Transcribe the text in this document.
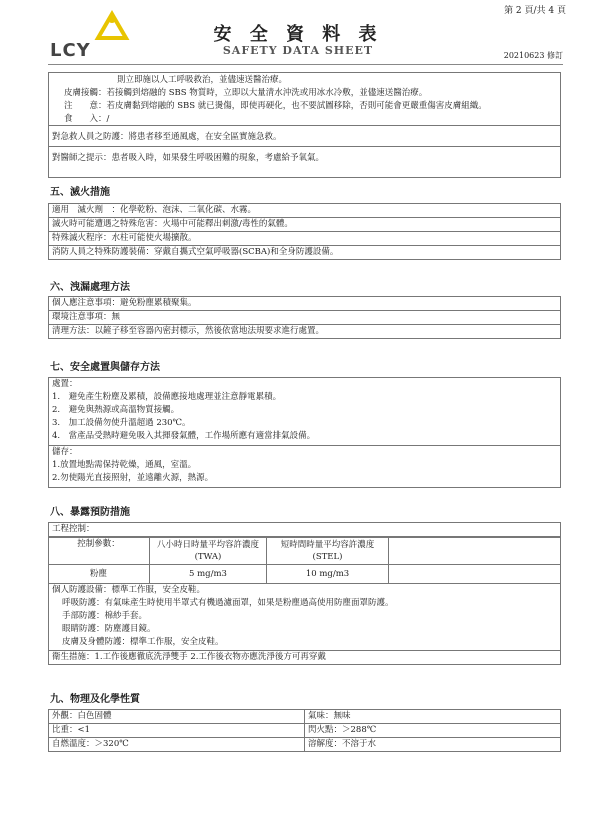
第 2 頁/共 4 頁
LCY
安 全 資 料 表
SAFETY DATA SHEET	20210623 修訂
則立即施以人工呼吸救治，並儘速送醫治療。
皮膚接觸：若接觸到熔融的 SBS 物質時，立即以大量清水沖洗或用冰水冷敷，並儘速送醫治療。
注　　意：若皮膚黏到熔融的 SBS 就已燙傷，即使再硬化，也不要試圖移除，否則可能會更嚴重傷害皮膚組織。
食　　入：/
對急救人員之防護：將患者移至通風處，在安全區實施急救。
對醫師之提示：患者吸入時，如果發生呼吸困難的現象，考慮給予氧氣。
五、滅火措施
適用　滅火劑　：化學乾粉、泡沫、二氧化碳、水霧。
滅火時可能遭遇之特殊危害：火場中可能釋出刺激/毒性的氣體。
特殊滅火程序：水柱可能使火場擴散。
消防人員之特殊防護裝備：穿戴自攜式空氣呼吸器(SCBA)和全身防護設備。
六、洩漏處理方法
個人應注意事項：避免粉塵累積聚集。
環境注意事項：無
清理方法：以鏟子移至容器內密封標示，然後依當地法規要求進行處置。
七、安全處置與儲存方法
處置：
1.　避免產生粉塵及累積，設備應接地處理並注意靜電累積。
2.　避免與熱源或高溫物質接觸。
3.　加工設備勿使升溫超過 230℃。
4.　當產品受熱時避免吸入其揮發氣體，工作場所應有適當排氣設備。
儲存：
1.放置地點需保持乾燥，通風，室溫。
2.勿使陽光直接照射，並遠離火源，熱源。
八、暴露預防措施
工程控制：
控制參數：	八小時日時量平均容許濃度(TWA)	短時間時量平均容許濃度(STEL)	
粉塵	5 mg/m3	10 mg/m3	
個人防護設備：標準工作服，安全皮鞋。
呼吸防護：有氣味產生時使用半罩式有機過濾面罩，如果是粉塵過高使用防塵面罩防護。
手部防護：棉紗手套。
眼睛防護：防塵護目鏡。
皮膚及身體防護：標準工作服，安全皮鞋。
衛生措施：1.工作後應徹底洗淨雙手 2.工作後衣物亦應洗淨後方可再穿戴
九、物理及化學性質
外觀：白色固體	氣味：無味
比重：<1	閃火點：＞288℃
自燃溫度：＞320℃	溶解度：不溶于水
